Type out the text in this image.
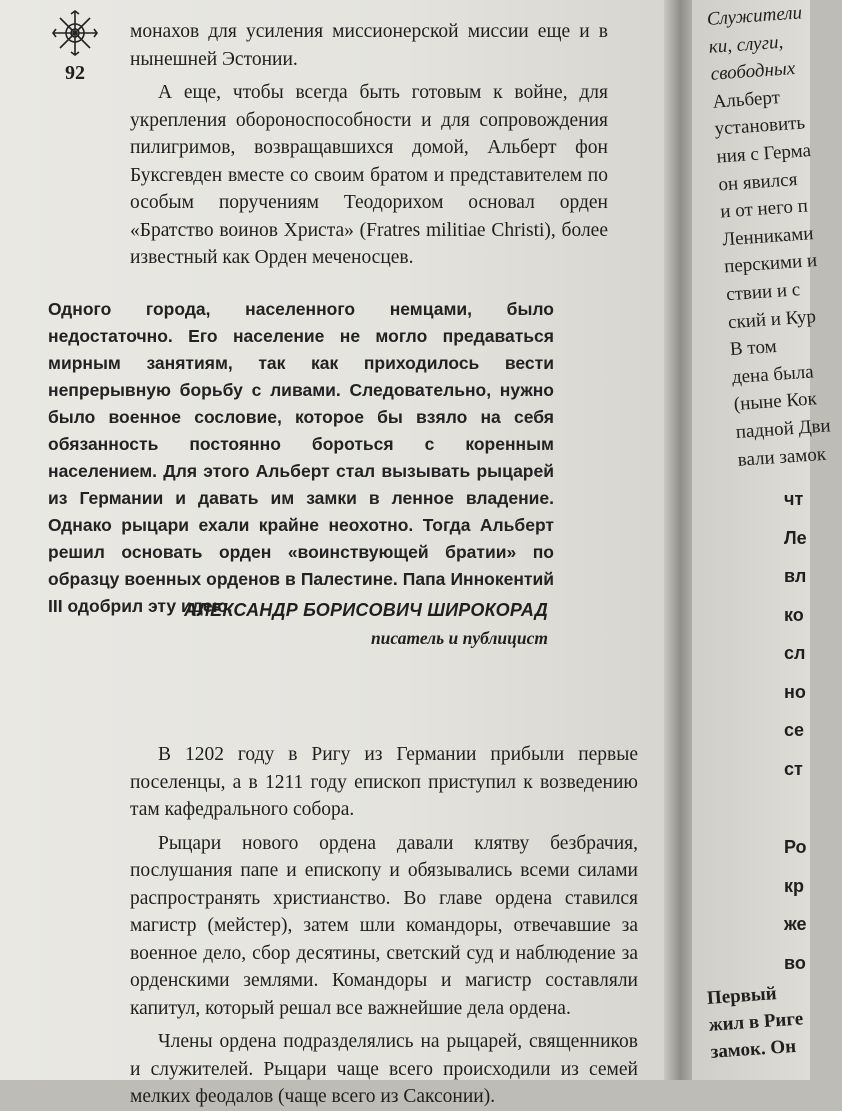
92

монахов для усиления миссионерской миссии еще и в нынешней Эстонии.

А еще, чтобы всегда быть готовым к войне, для укрепления обороноспособности и для сопровождения пилигримов, возвращавшихся домой, Альберт фон Буксгевден вместе со своим братом и представителем по особым поручениям Теодорихом основал орден «Братство воинов Христа» (Fratres militiae Christi), более известный как Орден меченосцев.

Одного города, населенного немцами, было недостаточно. Его население не могло предаваться мирным занятиям, так как приходилось вести непрерывную борьбу с ливами. Следовательно, нужно было военное сословие, которое бы взяло на себя обязанность постоянно бороться с коренным населением. Для этого Альберт стал вызывать рыцарей из Германии и давать им замки в ленное владение. Однако рыцари ехали крайне неохотно. Тогда Альберт решил основать орден «воинствующей братии» по образцу военных орденов в Палестине. Папа Иннокентий III одобрил эту идею.

АЛЕКСАНДР БОРИСОВИЧ ШИРОКОРАД
писатель и публицист

В 1202 году в Ригу из Германии прибыли первые поселенцы, а в 1211 году епископ приступил к возведению там кафедрального собора.

Рыцари нового ордена давали клятву безбрачия, послушания папе и епископу и обязывались всеми силами распространять христианство. Во главе ордена ставился магистр (мейстер), затем шли командоры, отвечавшие за военное дело, сбор десятины, светский суд и наблюдение за орденскими землями. Командоры и магистр составляли капитул, который решал все важнейшие дела ордена.

Члены ордена подразделялись на рыцарей, священников и служителей. Рыцари чаще всего происходили из семей мелких феодалов (чаще всего из Саксонии).

Служители
ки, слуги,
свободных
Альберт
установить
ния с Герма
он явился
и от него п
Ленниками
перскими и
ствии и с
ский и Кур
В том
дена была
(ныне Кок
падной Дви
вали замок
чт
Ле
вл
ко
сл
но
се
ст
Ро
кр
же
во
Первый
жил в Риге
замок. Он
